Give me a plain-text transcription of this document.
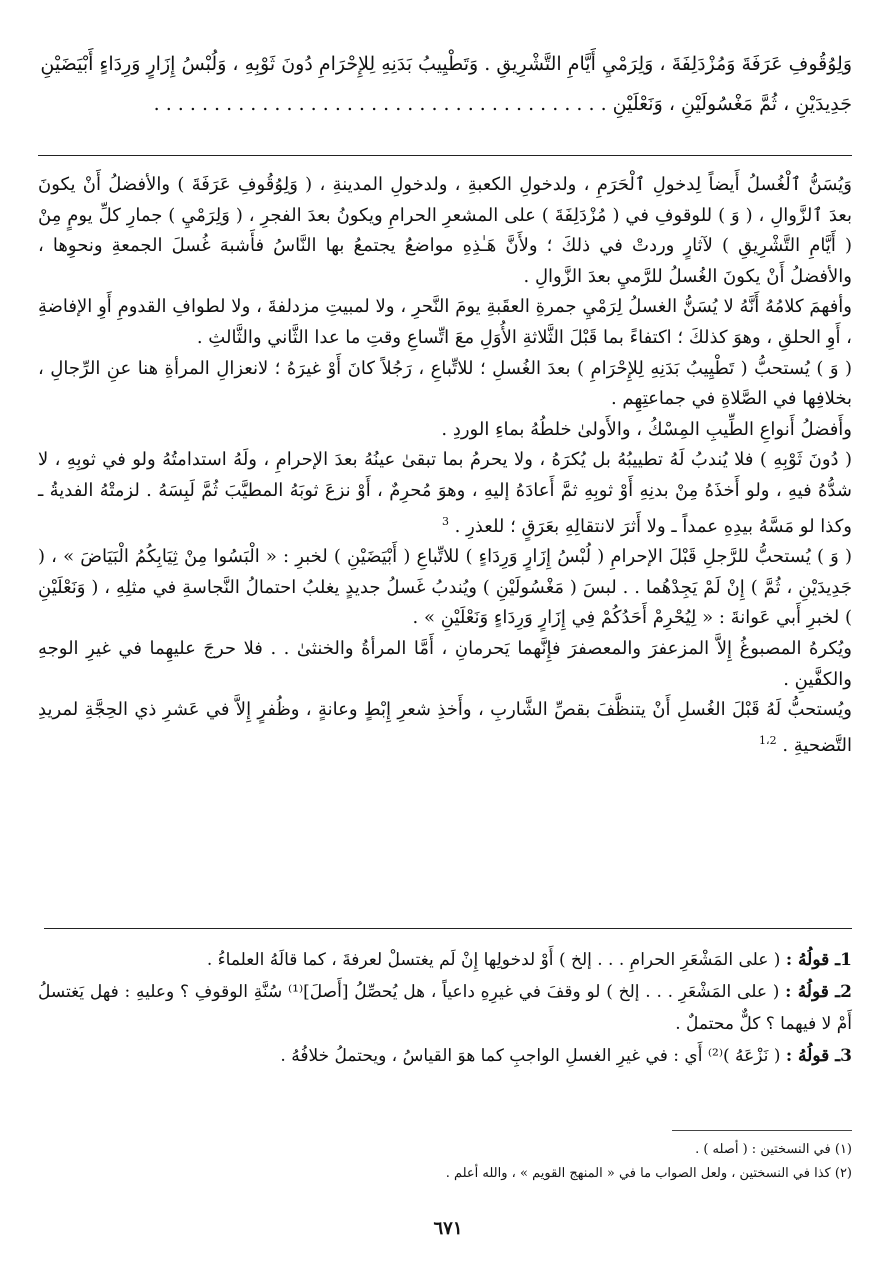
وَلِوُقُوفِ عَرَفَةَ وَمُزْدَلِفَةَ ، وَلِرَمْيِ أَيَّامِ التَّشْرِيقِ . وَتَطْيِيبُ بَدَنِهِ لِلإِحْرَامِ دُونَ ثَوْبِهِ ، وَلُبْسُ إِزَارٍ وَرِدَاءٍ أَبْيَضَيْنِ

جَدِيدَيْنِ ، ثُمَّ مَغْسُولَيْنِ ، وَنَعْلَيْنِ . . . . . . . . . . . . . . . . . . . . . . . . . . . . . . . . . . . . . .

وَيُسَنُّ ٱلْغُسلُ أَيضاً لِدخولِ ٱلْحَرَمِ ، ولدخولِ الكعبةِ ، ولدخولِ المدينةِ ، ( وَلِوُقُوفِ عَرَفَةَ ) والأفضلُ أَنْ يكونَ بعدَ ٱلزَّوالِ ، ( وَ ) للوقوفِ في ( مُزْدَلِفَةَ ) على المشعرِ الحرامِ ويكونُ بعدَ الفجرِ ، ( وَلِرَمْيِ ) جمارِ كلِّ يومٍ مِنْ ( أَيَّامِ التَّشْرِيقِ ) لآثارٍ وردتْ في ذلكَ ؛ ولأَنَّ هَـٰذِهِ مواضعُ يجتمعُ بها النَّاسُ فأَشبهَ غُسلَ الجمعةِ ونحوِها ، والأفضلُ أَنْ يكونَ الغُسلُ للرَّميِ بعدَ الزَّوالِ .

وأفهمَ كلامُهُ أَنَّهُ لا يُسَنُّ الغسلُ لِرَمْيِ جمرةِ العقَبةِ يومَ النَّحرِ ، ولا لمبيتِ مزدلفةَ ، ولا لطوافِ القدومِ أَوِ الإفاضةِ ، أَوِ الحلقِ ، وهوَ كذلكَ ؛ اكتفاءً بما قَبْلَ الثَّلاثةِ الأُوَلِ معَ اتِّساعِ وقتِ ما عدا الثَّاني والثَّالثِ .

( وَ ) يُستحبُّ ( تَطْيِيبُ بَدَنِهِ لِلإِحْرَامِ ) بعدَ الغُسلِ ؛ للاتِّباعِ ، رَجُلاً كانَ أَوْ غيرَهُ ؛ لانعزالِ المرأةِ هنا عنِ الرِّجالِ ، بخلافِها في الصَّلاةِ في جماعتِهِم .

وأَفضلُ أَنواعِ الطِّيبِ المِسْكُ ، والأَولىٰ خلطُهُ بماءِ الوردِ .

( دُونَ ثَوْبِهِ ) فلا يُندبُ لَهُ تطييبُهُ بل يُكرَهُ ، ولا يحرمُ بما تبقىٰ عينُهُ بعدَ الإحرامِ ، ولَهُ استدامتُهُ ولو في ثوبِهِ ، لا شدُّهُ فيهِ ، ولو أَخذَهُ مِنْ بدنِهِ أَوْ ثوبِهِ ثمَّ أَعادَهُ إليهِ ، وهوَ مُحرِمٌ ، أَوْ نزعَ ثوبَهُ المطيَّبَ ثُمَّ لَبِسَهُ . لزمتْهُ الفديةُ ـ وكذا لو مَسَّهُ بيدِهِ عمداً ـ ولا أَثرَ لانتقالِهِ بعَرَقٍ ؛ للعذرِ . $^3$

( وَ ) يُستحبُّ للرَّجلِ قَبْلَ الإحرامِ ( لُبْسُ إِزَارٍ وَرِدَاءٍ ) للاتِّباعِ ( أَبْيَضَيْنِ ) لخبرِ : « الْبَسُوا مِنْ ثِيَابِكُمُ الْبَيَاضَ » ، ( جَدِيدَيْنِ ، ثُمَّ ) إِنْ لَمْ يَجِدْهُما . . لبسَ ( مَغْسُولَيْنِ ) ويُندبُ غَسلُ جديدٍ يغلبُ احتمالُ النَّجاسةِ في مثلِهِ ، ( وَنَعْلَيْنِ ) لخبرِ أَبي عَوانةَ : « لِيُحْرِمْ أَحَدُكُمْ فِي إِزَارٍ وَرِدَاءٍ وَنَعْلَيْنِ » .

ويُكرهُ المصبوغُ إِلاَّ المزعفرَ والمعصفرَ فإِنَّهما يَحرمانِ ، أَمَّا المرأةُ والخنثىٰ . . فلا حرجَ عليهِما في غيرِ الوجهِ والكفَّينِ .

ويُستحبُّ لَهُ قَبْلَ الغُسلِ أَنْ يتنظَّفَ بقصِّ الشَّاربِ ، وأَخذِ شعرِ إِبْطٍ وعانةٍ ، وظُفرٍ إِلاَّ في عَشرِ ذي الحِجَّةِ لمريدِ التَّضحيةِ . $^{1،2}$

1ـ قولُهُ : ( على المَشْعَرِ الحرامِ . . . إلخ ) أَوْ لدخولِها إِنْ لَم يغتسلْ لعرفةَ ، كما قالَهُ العلماءُ .

2ـ قولُهُ : ( على المَشْعَرِ . . . إلخ ) لو وقفَ في غيرِهِ داعياً ، هل يُحصِّلُ [أَصلَ]⁽¹⁾ سُنَّةِ الوقوفِ ؟ وعليهِ : فهل يَغتسلُ أَمْ لا فيهما ؟ كلٌّ محتملٌ .

3ـ قولُهُ : ( نَزْعَهُ )⁽²⁾ أَي : في غيرِ الغسلِ الواجبِ كما هوَ القياسُ ، ويحتملُ خلافُهُ .

(١) في النسختين : ( أصله ) .

(٢) كذا في النسختين ، ولعل الصواب ما في « المنهج القويم » ، والله أعلم .

٦٧١
